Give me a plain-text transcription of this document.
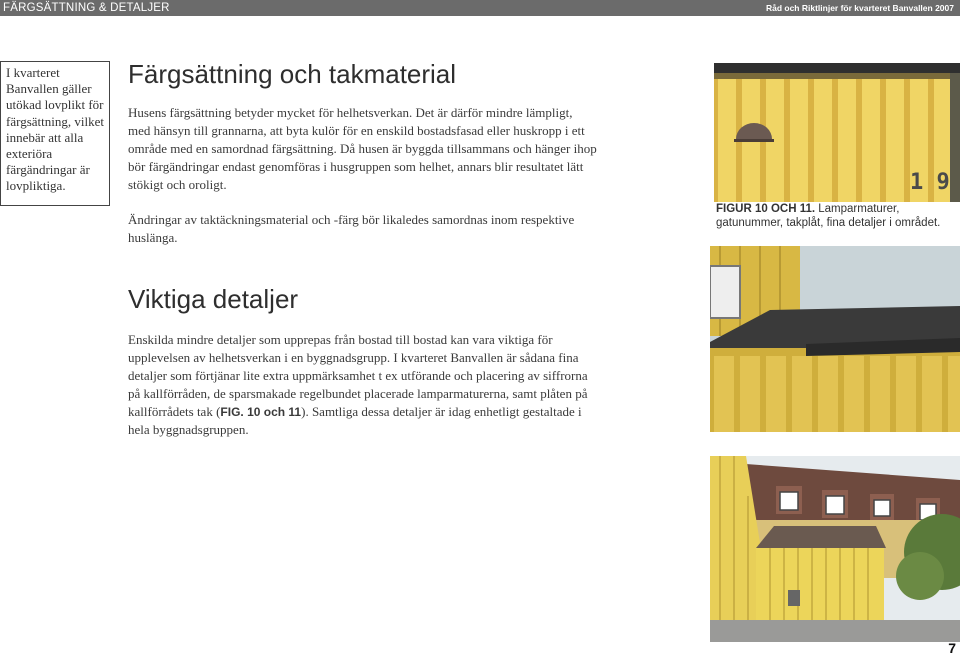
FÄRGSÄTTNING & DETALJER	Råd och Riktlinjer för kvarteret Banvallen 2007
I kvarteret Banvallen gäller utökad lovplikt för färgsättning, vilket innebär att alla exteriöra färgändringar är lovpliktiga.
Färgsättning och takmaterial

Husens färgsättning betyder mycket för helhetsverkan. Det är därför mindre lämpligt, med hänsyn till grannarna, att byta kulör för en enskild bostadsfasad eller huskropp i ett område med en samordnad färgsättning. Då husen är byggda tillsammans och hänger ihop bör färgändringar endast genomföras i husgruppen som helhet, annars blir resultatet lätt stökigt och oroligt.

Ändringar av taktäckningsmaterial och -färg bör likaledes samordnas inom respektive huslänga.

Viktiga detaljer

Enskilda mindre detaljer som upprepas från bostad till bostad kan vara viktiga för upplevelsen av helhetsverkan i en byggnadsgrupp. I kvarteret Banvallen är sådana fina detaljer som förtjänar lite extra uppmärksamhet t ex utförande och placering av siffrorna på kallförråden, de sparsmakade regelbundet placerade lamparmaturerna, samt plåten på kallförrådets tak (FIG. 10 och 11). Samtliga dessa detaljer är idag enhetligt gestaltade i hela byggnadsgruppen.

1 9
FIGUR 10 OCH 11. Lamparmaturer, gatunummer, takplåt, fina detaljer i området.
7
